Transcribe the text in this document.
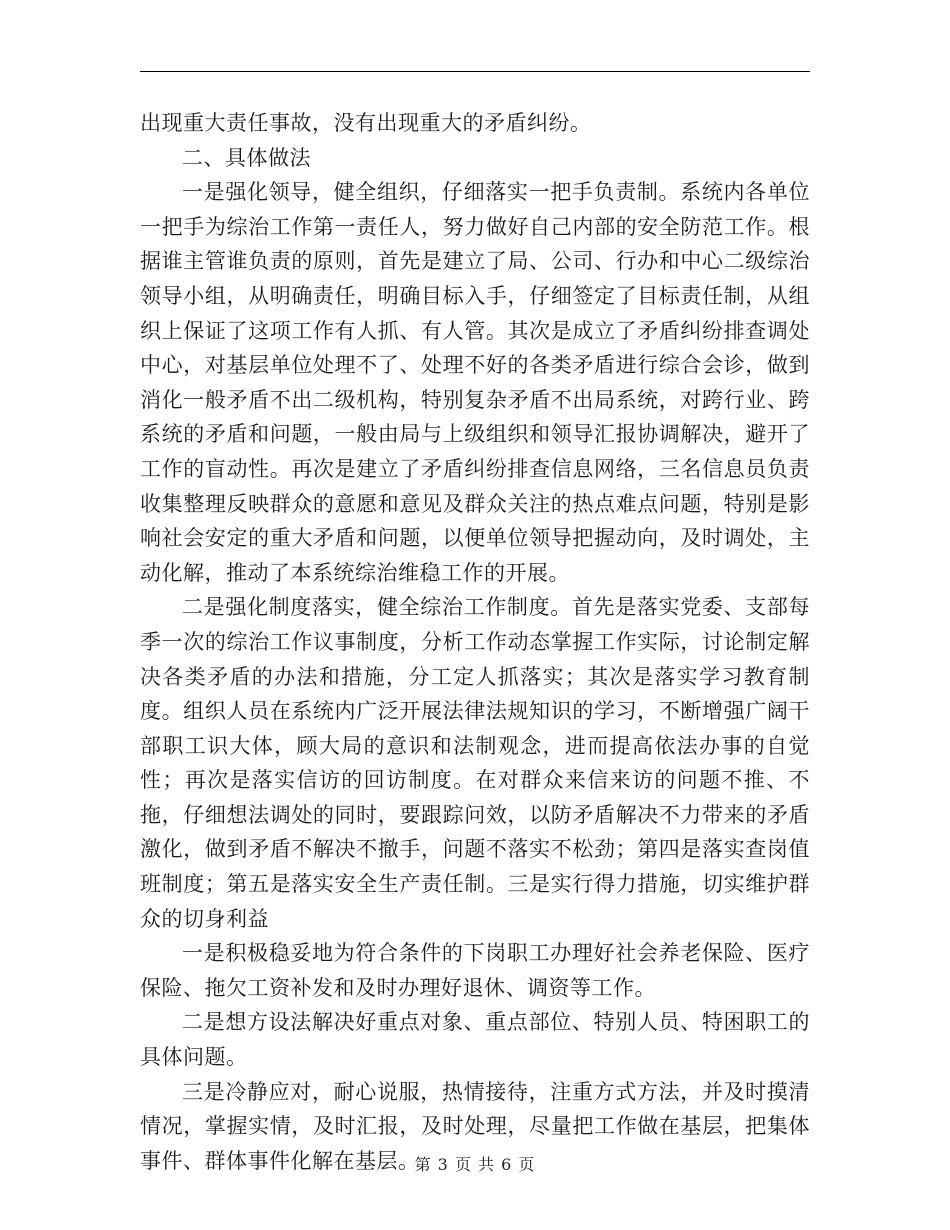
出现重大责任事故，没有出现重大的矛盾纠纷。

二、具体做法

一是强化领导，健全组织，仔细落实一把手负责制。系统内各单位一把手为综治工作第一责任人，努力做好自己内部的安全防范工作。根据谁主管谁负责的原则，首先是建立了局、公司、行办和中心二级综治领导小组，从明确责任，明确目标入手，仔细签定了目标责任制，从组织上保证了这项工作有人抓、有人管。其次是成立了矛盾纠纷排查调处中心，对基层单位处理不了、处理不好的各类矛盾进行综合会诊，做到消化一般矛盾不出二级机构，特别复杂矛盾不出局系统，对跨行业、跨系统的矛盾和问题，一般由局与上级组织和领导汇报协调解决，避开了工作的盲动性。再次是建立了矛盾纠纷排查信息网络，三名信息员负责收集整理反映群众的意愿和意见及群众关注的热点难点问题，特别是影响社会安定的重大矛盾和问题，以便单位领导把握动向，及时调处，主动化解，推动了本系统综治维稳工作的开展。

二是强化制度落实，健全综治工作制度。首先是落实党委、支部每季一次的综治工作议事制度，分析工作动态掌握工作实际，讨论制定解决各类矛盾的办法和措施，分工定人抓落实；其次是落实学习教育制度。组织人员在系统内广泛开展法律法规知识的学习，不断增强广阔干部职工识大体，顾大局的意识和法制观念，进而提高依法办事的自觉性；再次是落实信访的回访制度。在对群众来信来访的问题不推、不拖，仔细想法调处的同时，要跟踪问效，以防矛盾解决不力带来的矛盾激化，做到矛盾不解决不撤手，问题不落实不松劲；第四是落实查岗值班制度；第五是落实安全生产责任制。三是实行得力措施，切实维护群众的切身利益

一是积极稳妥地为符合条件的下岗职工办理好社会养老保险、医疗保险、拖欠工资补发和及时办理好退休、调资等工作。

二是想方设法解决好重点对象、重点部位、特别人员、特困职工的具体问题。

三是冷静应对，耐心说服，热情接待，注重方式方法，并及时摸清情况，掌握实情，及时汇报，及时处理，尽量把工作做在基层，把集体事件、群体事件化解在基层。

第 3 页 共 6 页
